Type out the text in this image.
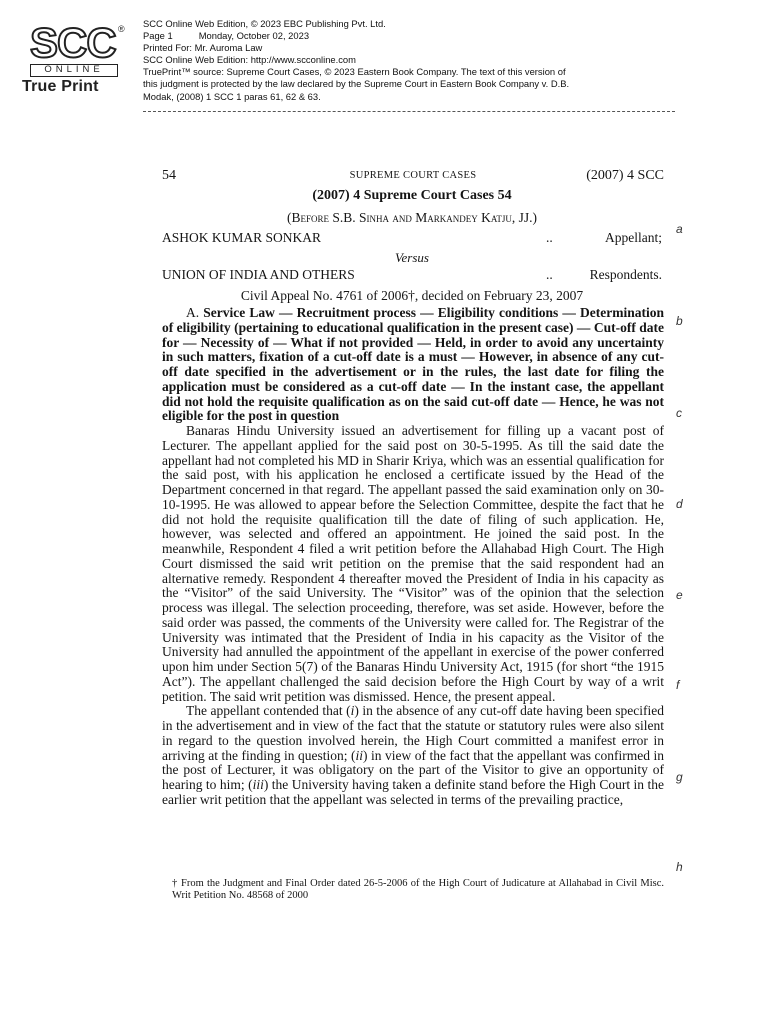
SCC ®
ONLINE
True Print
SCC Online Web Edition, © 2023 EBC Publishing Pvt. Ltd.
Page 1	Monday, October 02, 2023
Printed For: Mr. Auroma Law
SCC Online Web Edition: http://www.scconline.com
TruePrint™ source: Supreme Court Cases, © 2023 Eastern Book Company. The text of this version of
this judgment is protected by the law declared by the Supreme Court in Eastern Book Company v. D.B.
Modak, (2008) 1 SCC 1 paras 61, 62 & 63.
54	SUPREME COURT CASES	(2007) 4 SCC
(2007) 4 Supreme Court Cases 54
(Before S.B. Sinha and Markandey Katju, JJ.)
ASHOK KUMAR SONKAR	..	Appellant;
Versus
UNION OF INDIA AND OTHERS	..	Respondents.
Civil Appeal No. 4761 of 2006†, decided on February 23, 2007

A. Service Law — Recruitment process — Eligibility conditions — Determination of eligibility (pertaining to educational qualification in the present case) — Cut-off date for — Necessity of — What if not provided — Held, in order to avoid any uncertainty in such matters, fixation of a cut-off date is a must — However, in absence of any cut-off date specified in the advertisement or in the rules, the last date for filing the application must be considered as a cut-off date — In the instant case, the appellant did not hold the requisite qualification as on the said cut-off date — Hence, he was not eligible for the post in question

Banaras Hindu University issued an advertisement for filling up a vacant post of Lecturer. The appellant applied for the said post on 30-5-1995. As till the said date the appellant had not completed his MD in Sharir Kriya, which was an essential qualification for the said post, with his application he enclosed a certificate issued by the Head of the Department concerned in that regard. The appellant passed the said examination only on 30-10-1995. He was allowed to appear before the Selection Committee, despite the fact that he did not hold the requisite qualification till the date of filing of such application. He, however, was selected and offered an appointment. He joined the said post. In the meanwhile, Respondent 4 filed a writ petition before the Allahabad High Court. The High Court dismissed the said writ petition on the premise that the said respondent had an alternative remedy. Respondent 4 thereafter moved the President of India in his capacity as the “Visitor” of the said University. The “Visitor” was of the opinion that the selection process was illegal. The selection proceeding, therefore, was set aside. However, before the said order was passed, the comments of the University were called for. The Registrar of the University was intimated that the President of India in his capacity as the Visitor of the University had annulled the appointment of the appellant in exercise of the power conferred upon him under Section 5(7) of the Banaras Hindu University Act, 1915 (for short “the 1915 Act”). The appellant challenged the said decision before the High Court by way of a writ petition. The said writ petition was dismissed. Hence, the present appeal.

The appellant contended that (i) in the absence of any cut-off date having been specified in the advertisement and in view of the fact that the statute or statutory rules were also silent in regard to the question involved herein, the High Court committed a manifest error in arriving at the finding in question; (ii) in view of the fact that the appellant was confirmed in the post of Lecturer, it was obligatory on the part of the Visitor to give an opportunity of hearing to him; (iii) the University having taken a definite stand before the High Court in the earlier writ petition that the appellant was selected in terms of the prevailing practice,

† From the Judgment and Final Order dated 26-5-2006 of the High Court of Judicature at Allahabad in Civil Misc. Writ Petition No. 48568 of 2000
a
b
c
d
e
f
g
h
